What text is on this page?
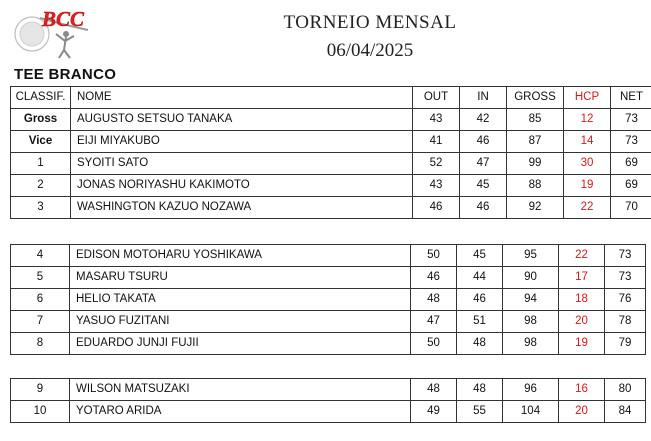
BCC	TORNEIO MENSAL
06/04/2025
TEE BRANCO
CLASSIF.	NOME	OUT	IN	GROSS	HCP	NET
Gross	AUGUSTO SETSUO TANAKA	43	42	85	12	73
Vice	EIJI MIYAKUBO	41	46	87	14	73
1	SYOITI SATO	52	47	99	30	69
2	JONAS NORIYASHU KAKIMOTO	43	45	88	19	69
3	WASHINGTON KAZUO NOZAWA	46	46	92	22	70
4	EDISON MOTOHARU YOSHIKAWA	50	45	95	22	73
5	MASARU TSURU	46	44	90	17	73
6	HELIO TAKATA	48	46	94	18	76
7	YASUO FUZITANI	47	51	98	20	78
8	EDUARDO JUNJI FUJII	50	48	98	19	79
9	WILSON MATSUZAKI	48	48	96	16	80
10	YOTARO ARIDA	49	55	104	20	84
